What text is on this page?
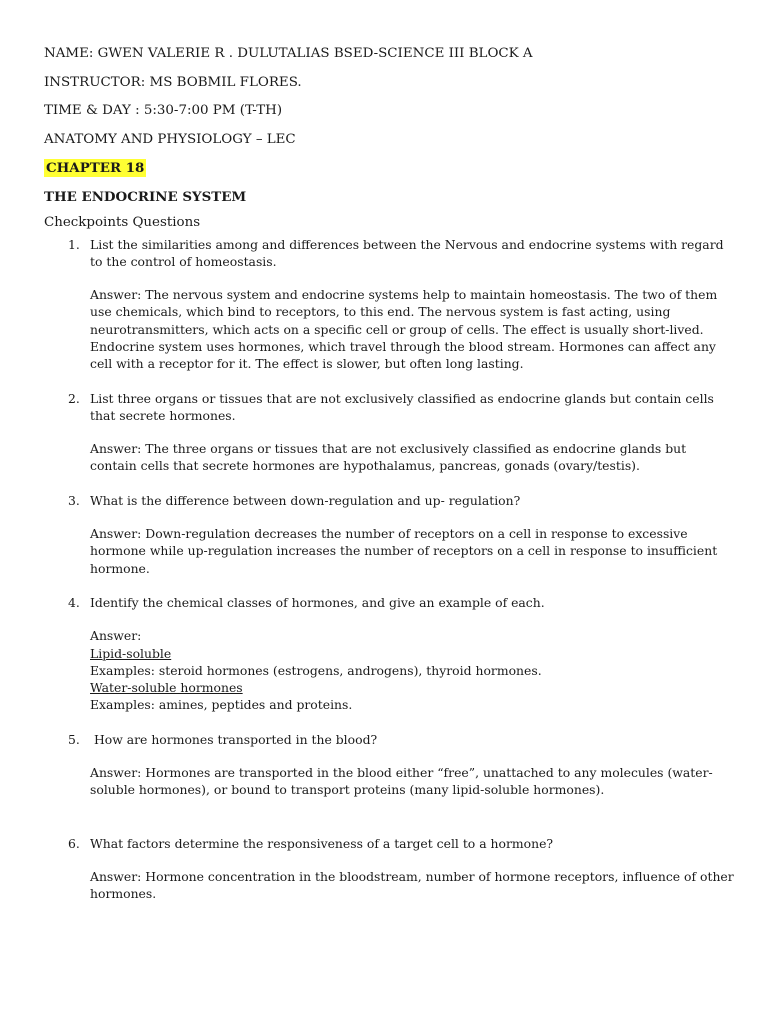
NAME: GWEN VALERIE R . DULUTALIAS BSED-SCIENCE III BLOCK A
INSTRUCTOR: MS BOBMIL FLORES.
TIME & DAY : 5:30-7:00 PM (T-TH)
ANATOMY AND PHYSIOLOGY – LEC
CHAPTER 18
THE ENDOCRINE SYSTEM
Checkpoints Questions
1. List the similarities among and differences between the Nervous and endocrine systems with regard to the control of homeostasis.

Answer: The nervous system and endocrine systems help to maintain homeostasis. The two of them use chemicals, which bind to receptors, to this end. The nervous system is fast acting, using neurotransmitters, which acts on a specific cell or group of cells. The effect is usually short-lived. Endocrine system uses hormones, which travel through the blood stream. Hormones can affect any cell with a receptor for it. The effect is slower, but often long lasting.

2. List three organs or tissues that are not exclusively classified as endocrine glands but contain cells that secrete hormones.

Answer: The three organs or tissues that are not exclusively classified as endocrine glands but contain cells that secrete hormones are hypothalamus, pancreas, gonads (ovary/testis).

3. What is the difference between down-regulation and up- regulation?

Answer: Down-regulation decreases the number of receptors on a cell in response to excessive hormone while up-regulation increases the number of receptors on a cell in response to insufficient hormone.

4. Identify the chemical classes of hormones, and give an example of each.

Answer:
Lipid-soluble
Examples: steroid hormones (estrogens, androgens), thyroid hormones.
Water-soluble hormones
Examples: amines, peptides and proteins.
5. How are hormones transported in the blood?

Answer: Hormones are transported in the blood either “free”, unattached to any molecules (water-soluble hormones), or bound to transport proteins (many lipid-soluble hormones).

6. What factors determine the responsiveness of a target cell to a hormone?

Answer: Hormone concentration in the bloodstream, number of hormone receptors, influence of other hormones.
